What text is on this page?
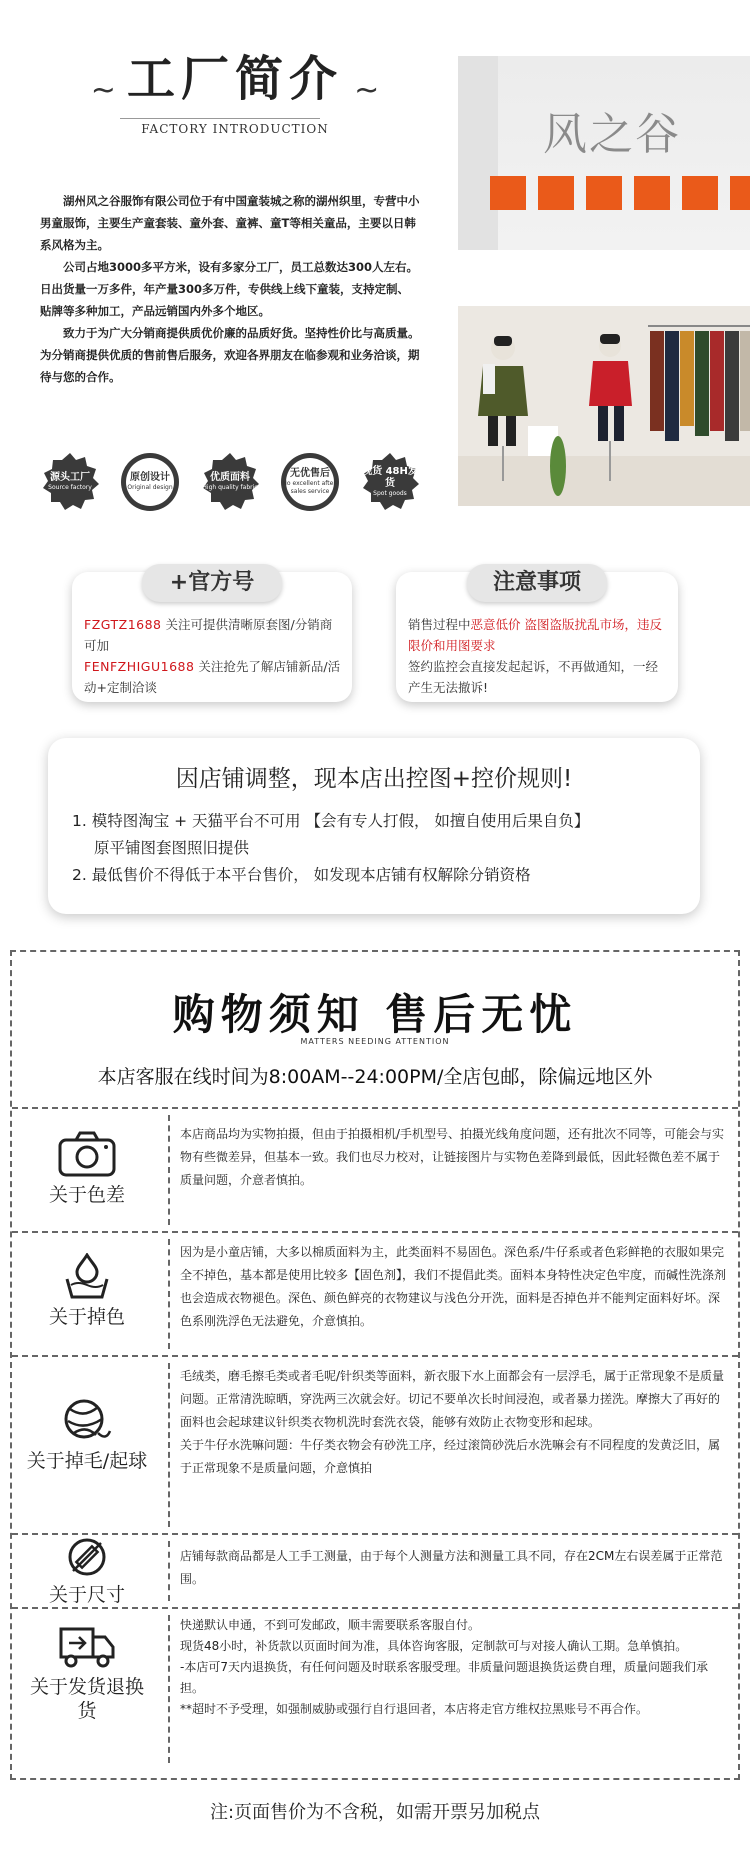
~ 工厂简介 ~
FACTORY INTRODUCTION

湖州风之谷服饰有限公司位于有中国童装城之称的湖州织里，专营中小男童服饰，主要生产童套装、童外套、童裤、童T等相关童品，主要以日韩系风格为主。

公司占地3000多平方米，设有多家分工厂，员工总数达300人左右。日出货量一万多件，年产量300多万件，专供线上线下童装，支持定制、贴牌等多种加工，产品远销国内外多个地区。

致力于为广大分销商提供质优价廉的品质好货。坚持性价比与高质量。为分销商提供优质的售前售后服务，欢迎各界朋友在临参观和业务洽谈，期待与您的合作。

源头工厂
Source factory
原创设计
Original design
优质面料
High quality fabric
无优售后
No excellent after-sales service
现货 48H发货
Spot goods
风之谷
+官方号
FZGTZ1688 关注可提供清晰原套图/分销商可加
FENFZHIGU1688 关注抢先了解店铺新品/活动+定制洽谈
注意事项
销售过程中恶意低价 盗图盗版扰乱市场，违反限价和用图要求
签约监控会直接发起起诉，不再做通知，一经产生无法撤诉!
因店铺调整，现本店出控图+控价规则!
1. 模特图淘宝 + 天猫平台不可用 【会有专人打假， 如擅自使用后果自负】
原平铺图套图照旧提供
2. 最低售价不得低于本平台售价， 如发现本店铺有权解除分销资格
购物须知 售后无忧
MATTERS NEEDING ATTENTION
本店客服在线时间为8:00AM--24:00PM/全店包邮，除偏远地区外
关于色差
本店商品均为实物拍摄，但由于拍摄相机/手机型号、拍摄光线角度问题，还有批次不同等，可能会与实物有些微差异，但基本一致。我们也尽力校对，让链接图片与实物色差降到最低，因此轻微色差不属于质量问题，介意者慎拍。
关于掉色
因为是小童店铺，大多以棉质面料为主，此类面料不易固色。深色系/牛仔系或者色彩鲜艳的衣服如果完全不掉色，基本都是使用比较多【固色剂】，我们不提倡此类。面料本身特性决定色牢度，而碱性洗涤剂也会造成衣物褪色。深色、颜色鲜亮的衣物建议与浅色分开洗，面料是否掉色并不能判定面料好坏。深色系刚洗浮色无法避免，介意慎拍。
关于掉毛/起球
毛绒类，磨毛擦毛类或者毛呢/针织类等面料，新衣服下水上面都会有一层浮毛，属于正常现象不是质量问题。正常清洗晾晒，穿洗两三次就会好。切记不要单次长时间浸泡，或者暴力搓洗。摩擦大了再好的面料也会起球建议针织类衣物机洗时套洗衣袋，能够有效防止衣物变形和起球。
关于牛仔水洗嘛问题：牛仔类衣物会有砂洗工序，经过滚筒砂洗后水洗嘛会有不同程度的发黄泛旧，属于正常现象不是质量问题，介意慎拍
关于尺寸
店铺每款商品都是人工手工测量，由于每个人测量方法和测量工具不同，存在2CM左右误差属于正常范围。
关于发货退换货
快递默认申通，不到可发邮政，顺丰需要联系客服自付。
现货48小时，补货款以页面时间为准，具体咨询客服，定制款可与对接人确认工期。急单慎拍。
-本店可7天内退换货，有任何问题及时联系客服受理。非质量问题退换货运费自理，质量问题我们承担。
**超时不予受理，如强制威胁或强行自行退回者，本店将走官方维权拉黑账号不再合作。
注:页面售价为不含税，如需开票另加税点
